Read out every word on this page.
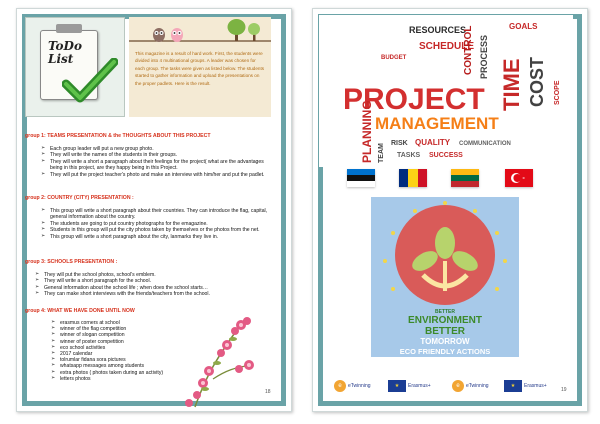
ToDo
List	This magazine is a result of hard work. First, the students were divided into 4 multinational groups. A leader was chosen for each group. The tasks were given as listed below. The students started to gather information and upload the presentations on the proper padlets. Here is the result.
group 1: TEAMS PRESENTATION & the THOUGHTS ABOUT THIS PROJECT
➢ Each group leader will put a new group photo.
➢ They will write the names of the students in their groups.
➢ They will write a short a paragraph about their feelings for the project( what are the advantages being in this project, are they happy being in this Project.
➢ They will put the project teacher's photo and make an interview with him/her and put the padlet.
group 2: COUNTRY (CITY) PRESENTATION :
➢ This group will write a short paragraph about their countries. They can introduce the flag, capital, general information about the country.
➢ The students are going to put country photographs for the emagazine.
➢ Students in this group will put the city photos taken by themselves or the photos from the net.
➢ This group will write a short paragraph about the city, lanmarks they live in.
group 3: SCHOOLS PRESENTATION :
➢ They will put the school photos, school's emblem.
➢ They will write a short paragraph for the school.
➢ General information about the school life ; when does the school starts…
➢ They can make short interviews with the friends/teachers from the school.
group 4: WHAT WE HAVE DONE UNTIL NOW
➢ erasmus corners at school
➢ winner of the flag competition
➢ winner of slogan competition
➢ winner of poster competition
➢ eco school activities
➢ 2017 calendar
➢ tolrumlar fidana sora pictures
➢ whatsapp messages among students
➢ extra photos ( photos taken during an activity)
➢ letters photos
18
RESOURCES	GOALS
SCHEDULE
BUDGET	CONTROL PROCESS
TIME COST SCOPE
PROJECT
MANAGEMENT
PLANNING TEAM RISK QUALITY COMMUNICATION
TASKS SUCCESS
BETTER
ENVIRONMENT
BETTER
TOMORROW
ECO FRIENDLY ACTIONS
19
e	eTwinning	★	Erasmus+	e	eTwinning	★	Erasmus+
